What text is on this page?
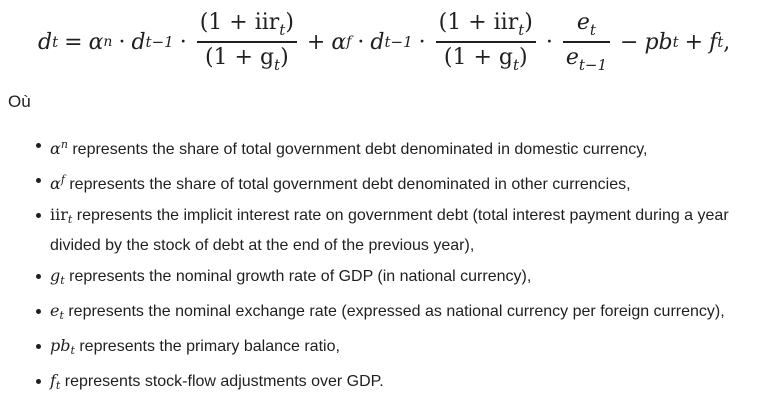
d t = α n · d $t-1 \cdot \frac{(1 + iir_t)}{(1 + g_t)} + \alpha$ f · d $t-1 \cdot \frac{(1 + iir_t)}{(1 + g_t)} \cdot \frac{e_t}{e_{t-1}}$ − pb t + f t ,
Où
$\alpha^n$ represents the share of total government debt denominated in domestic currency,
$\alpha^f$ represents the share of total government debt denominated in other currencies,
iirt represents the implicit interest rate on government debt (total interest payment during a year divided by the stock of debt at the end of the previous year),
gt represents the nominal growth rate of GDP (in national currency),
et represents the nominal exchange rate (expressed as national currency per foreign currency),
pbt represents the primary balance ratio,
ft represents stock-flow adjustments over GDP.
